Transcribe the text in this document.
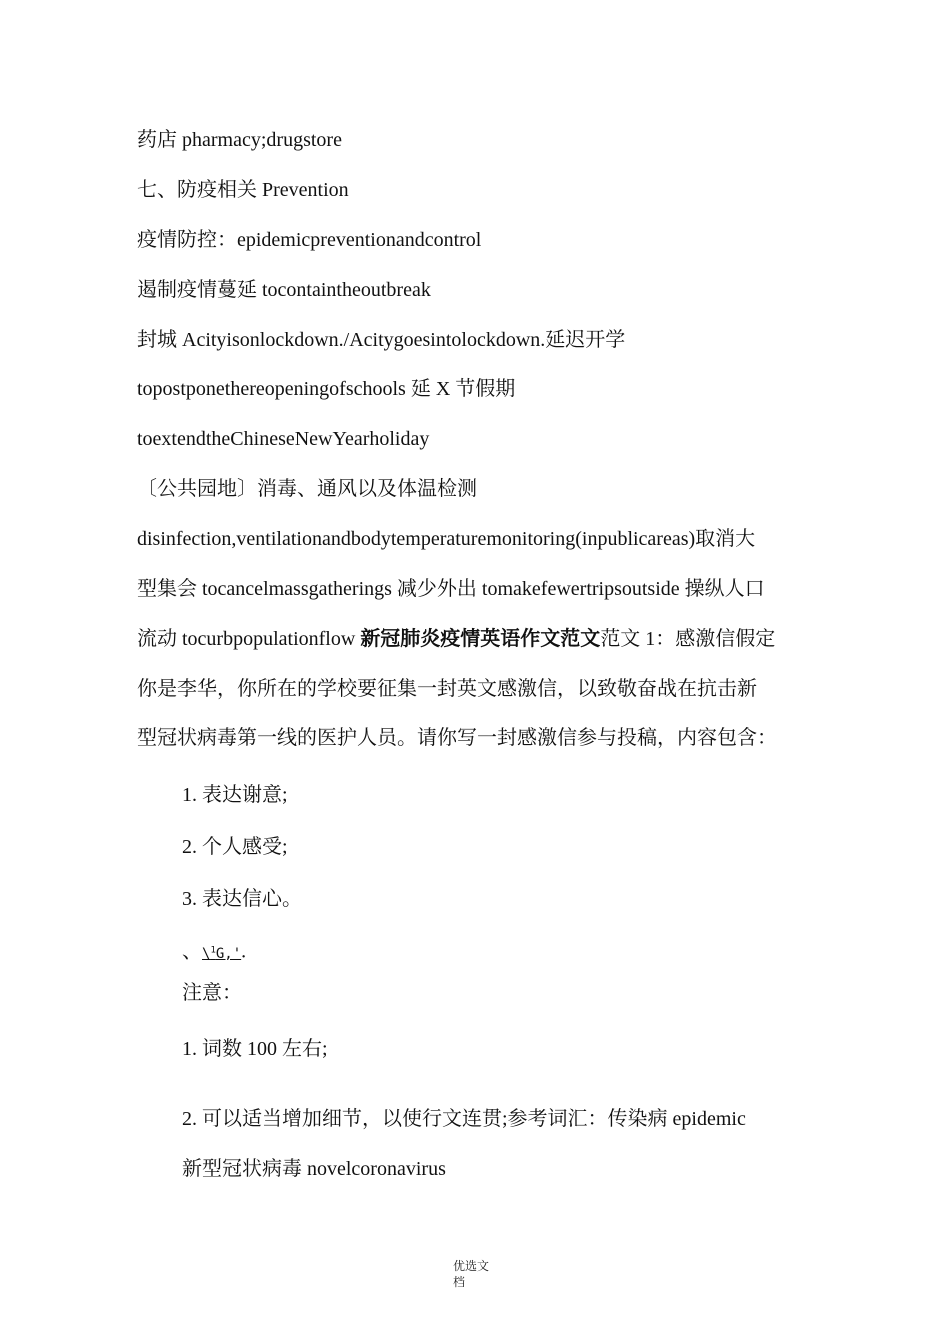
药店 pharmacy;drugstore
七、防疫相关 Prevention
疫情防控：epidemicpreventionandcontrol
遏制疫情蔓延 tocontaintheoutbreak
封城 Acityisonlockdown./Acitygoesintolockdown.延迟开学
topostponethereopeningofschools 延 X 节假期
toextendtheChineseNewYearholiday
〔公共园地〕消毒、通风以及体温检测
disinfection,ventilationandbodytemperaturemonitoring(inpublicareas)取消大
型集会 tocancelmassgatherings 减少外出 tomakefewertripsoutside 操纵人口
流动 tocurbpopulationflow 新冠肺炎疫情英语作文范文范文 1：感激信假定
你是李华，你所在的学校要征集一封英文感激信，以致敬奋战在抗击新
型冠状病毒第一线的医护人员。请你写一封感激信参与投稿，内容包含：
1. 表达谢意;
2. 个人感受;
3. 表达信心。
、\$^1$G,'.
注意：
1. 词数 100 左右;
2. 可以适当增加细节，以使行文连贯;参考词汇：传染病 epidemic
新型冠状病毒 novelcoronavirus
优选文
档
